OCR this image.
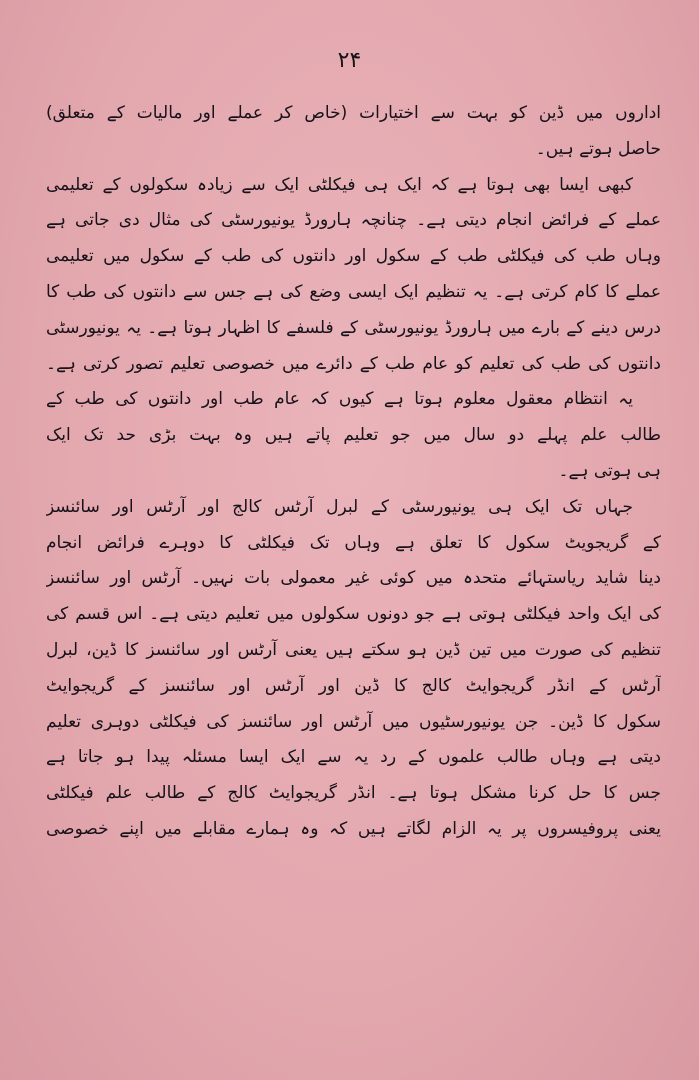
۲۴
اداروں میں ڈین کو بہت سے اختیارات (خاص کر عملے اور مالیات کے متعلق)
حاصل ہوتے ہیں۔
کبھی ایسا بھی ہوتا ہے کہ ایک ہی فیکلٹی ایک سے زیادہ سکولوں کے تعلیمی
عملے کے فرائض انجام دیتی ہے۔ چنانچہ ہارورڈ یونیورسٹی کی مثال دی جاتی ہے
وہاں طب کی فیکلٹی طب کے سکول اور دانتوں کی طب کے سکول میں تعلیمی
عملے کا کام کرتی ہے۔ یہ تنظیم ایک ایسی وضع کی ہے جس سے دانتوں کی طب کا
درس دینے کے بارے میں ہارورڈ یونیورسٹی کے فلسفے کا اظہار ہوتا ہے۔ یہ یونیورسٹی
دانتوں کی طب کی تعلیم کو عام طب کے دائرے میں خصوصی تعلیم تصور کرتی ہے۔
یہ انتظام معقول معلوم ہوتا ہے کیوں کہ عام طب اور دانتوں کی طب کے
طالب علم پہلے دو سال میں جو تعلیم پاتے ہیں وہ بہت بڑی حد تک ایک
ہی ہوتی ہے۔
جہاں تک ایک ہی یونیورسٹی کے لبرل آرٹس کالج اور آرٹس اور سائنسز
کے گریجویٹ سکول کا تعلق ہے وہاں تک فیکلٹی کا دوہرے فرائض انجام
دینا شاید ریاستہائے متحدہ میں کوئی غیر معمولی بات نہیں۔ آرٹس اور سائنسز
کی ایک واحد فیکلٹی ہوتی ہے جو دونوں سکولوں میں تعلیم دیتی ہے۔ اس قسم کی
تنظیم کی صورت میں تین ڈین ہو سکتے ہیں یعنی آرٹس اور سائنسز کا ڈین، لبرل
آرٹس کے انڈر گریجوایٹ کالج کا ڈین اور آرٹس اور سائنسز کے گریجوایٹ
سکول کا ڈین۔ جن یونیورسٹیوں میں آرٹس اور سائنسز کی فیکلٹی دوہری تعلیم
دیتی ہے وہاں طالب علموں کے رد یہ سے ایک ایسا مسئلہ پیدا ہو جاتا ہے
جس کا حل کرنا مشکل ہوتا ہے۔ انڈر گریجوایٹ کالج کے طالب علم فیکلٹی
یعنی پروفیسروں پر یہ الزام لگاتے ہیں کہ وہ ہمارے مقابلے میں اپنے خصوصی
